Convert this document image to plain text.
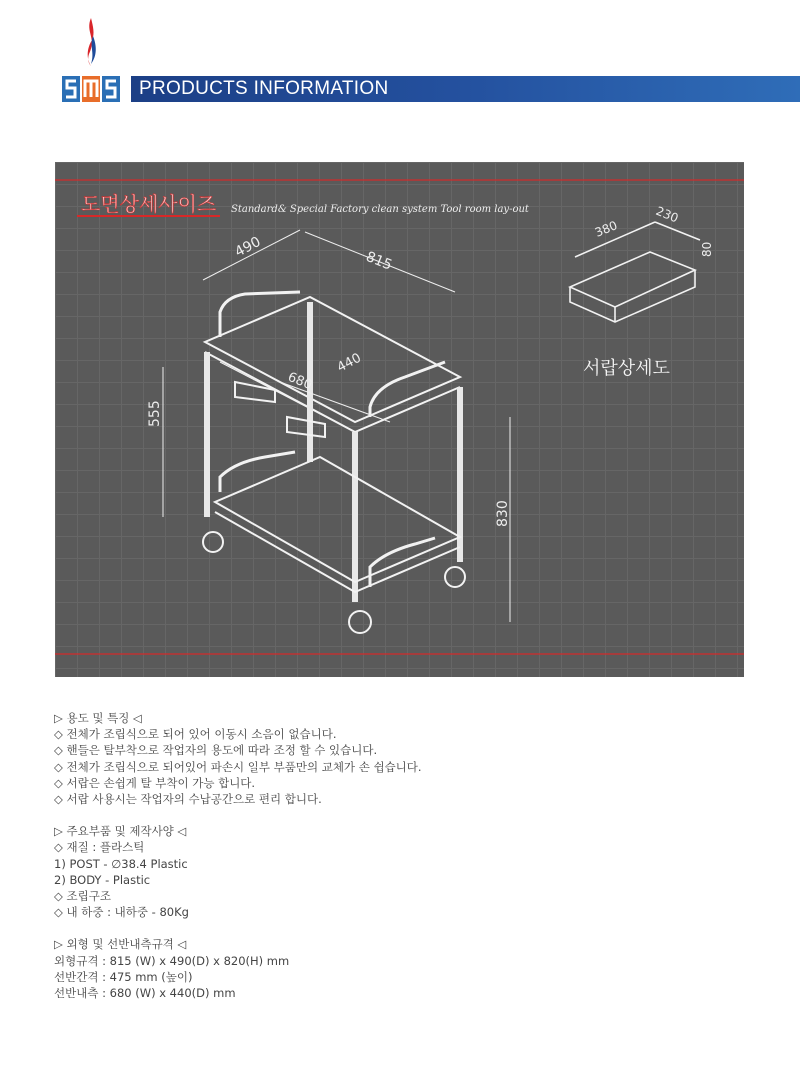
PRODUCTS INFORMATION
도면상세사이즈 Standard& Special Factory clean system Tool room lay-out
490
815
555
830
680
440
380
230
80
서랍상세도
▷ 용도 및 특징 ◁
◇ 전체가 조립식으로 되어 있어 이동시 소음이 없습니다.
◇ 핸들은 탈부착으로 작업자의 용도에 따라 조정 할 수 있습니다.
◇ 전체가 조립식으로 되어있어 파손시 일부 부품만의 교체가 손 쉽습니다.
◇ 서랍은 손쉽게 탈 부착이 가능 합니다.
◇ 서랍 사용시는 작업자의 수납공간으로 편리 합니다.
▷ 주요부품 및 제작사양 ◁
◇ 재질 : 플라스틱
1) POST - ∅38.4 Plastic
2) BODY - Plastic
◇ 조립구조
◇ 내 하중 : 내하중 - 80Kg
▷ 외형 및 선반내측규격 ◁
외형규격 : 815 (W) x 490(D) x 820(H) mm
선반간격 : 475 mm (높이)
선반내측 : 680 (W) x 440(D) mm
